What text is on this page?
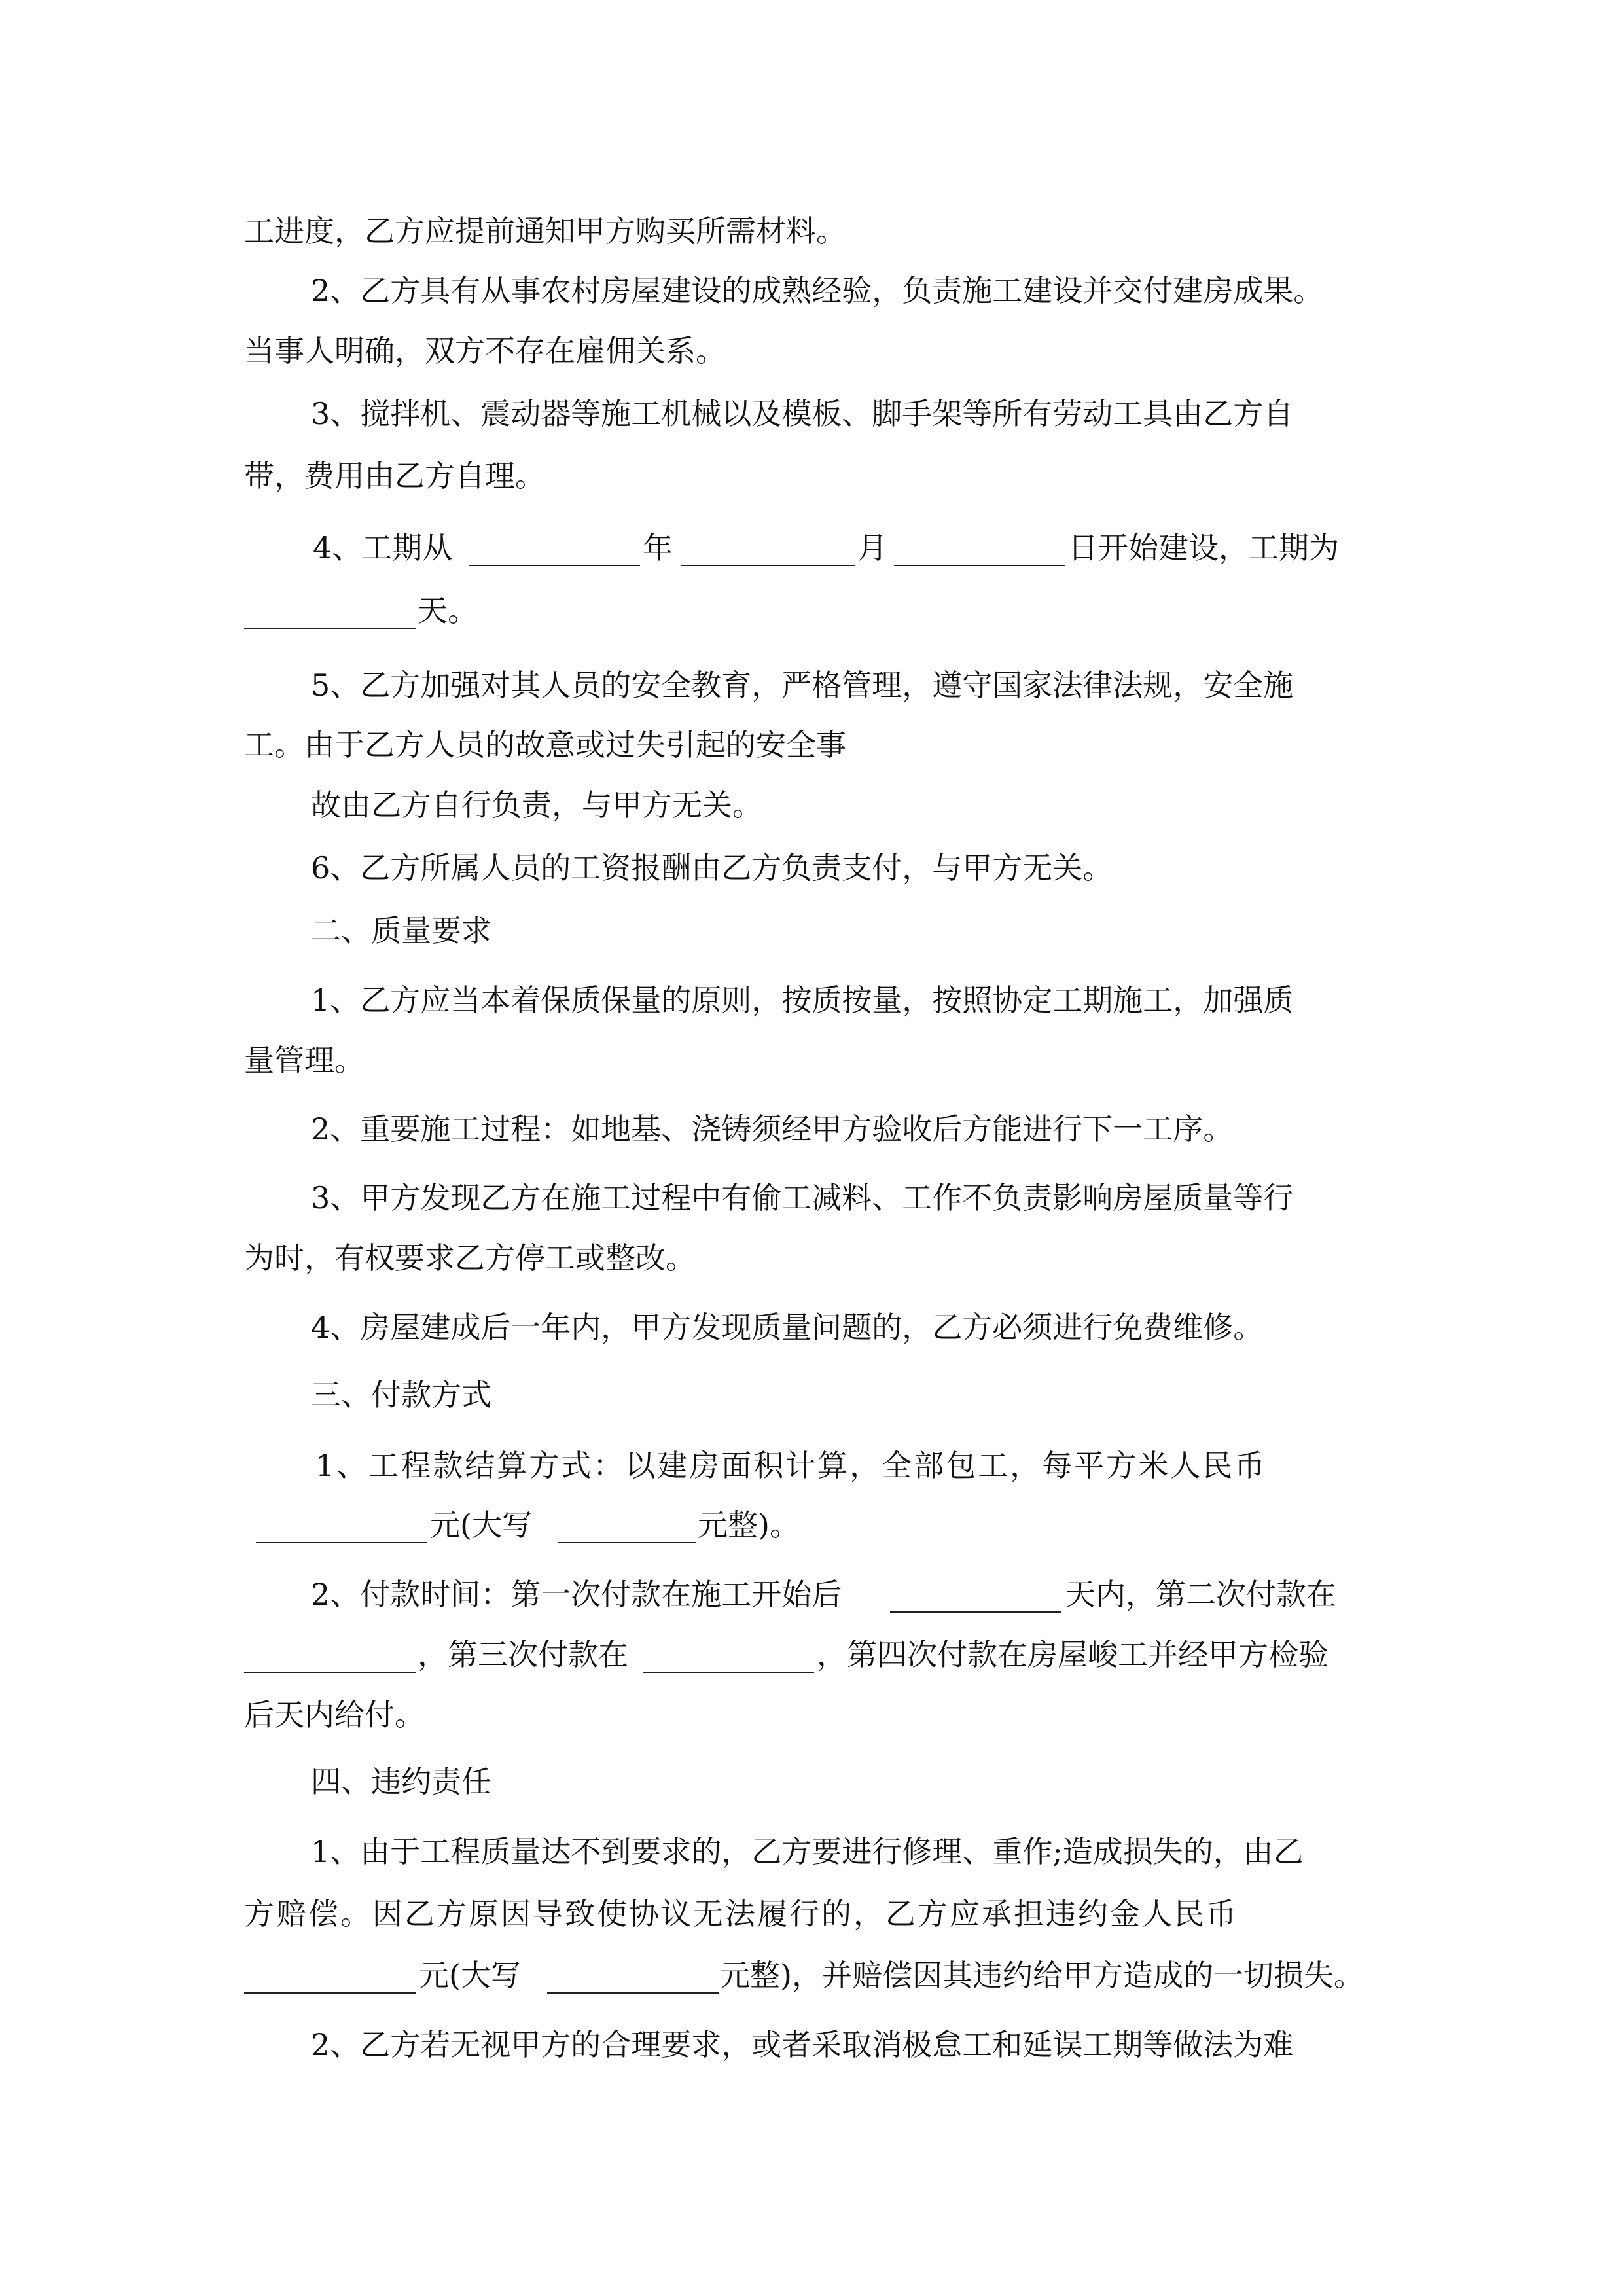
工进度，乙方应提前通知甲方购买所需材料。
2、乙方具有从事农村房屋建设的成熟经验，负责施工建设并交付建房成果。
当事人明确，双方不存在雇佣关系。
3、搅拌机、震动器等施工机械以及模板、脚手架等所有劳动工具由乙方自
带，费用由乙方自理。
4、工期从	年	月	日开始建设，工期为
天。
5、乙方加强对其人员的安全教育，严格管理，遵守国家法律法规，安全施
工。由于乙方人员的故意或过失引起的安全事
故由乙方自行负责，与甲方无关。
6、乙方所属人员的工资报酬由乙方负责支付，与甲方无关。
二、质量要求
1、乙方应当本着保质保量的原则，按质按量，按照协定工期施工，加强质
量管理。
2、重要施工过程：如地基、浇铸须经甲方验收后方能进行下一工序。
3、甲方发现乙方在施工过程中有偷工减料、工作不负责影响房屋质量等行
为时，有权要求乙方停工或整改。
4、房屋建成后一年内，甲方发现质量问题的，乙方必须进行免费维修。
三、付款方式
1、工程款结算方式：以建房面积计算，全部包工，每平方米人民币
元(大写	元整)。
2、付款时间：第一次付款在施工开始后	天内，第二次付款在
，第三次付款在	，第四次付款在房屋峻工并经甲方检验
后天内给付。
四、违约责任
1、由于工程质量达不到要求的，乙方要进行修理、重作;造成损失的，由乙
方赔偿。因乙方原因导致使协议无法履行的，乙方应承担违约金人民币
元(大写	元整)，并赔偿因其违约给甲方造成的一切损失。
2、乙方若无视甲方的合理要求，或者采取消极怠工和延误工期等做法为难
